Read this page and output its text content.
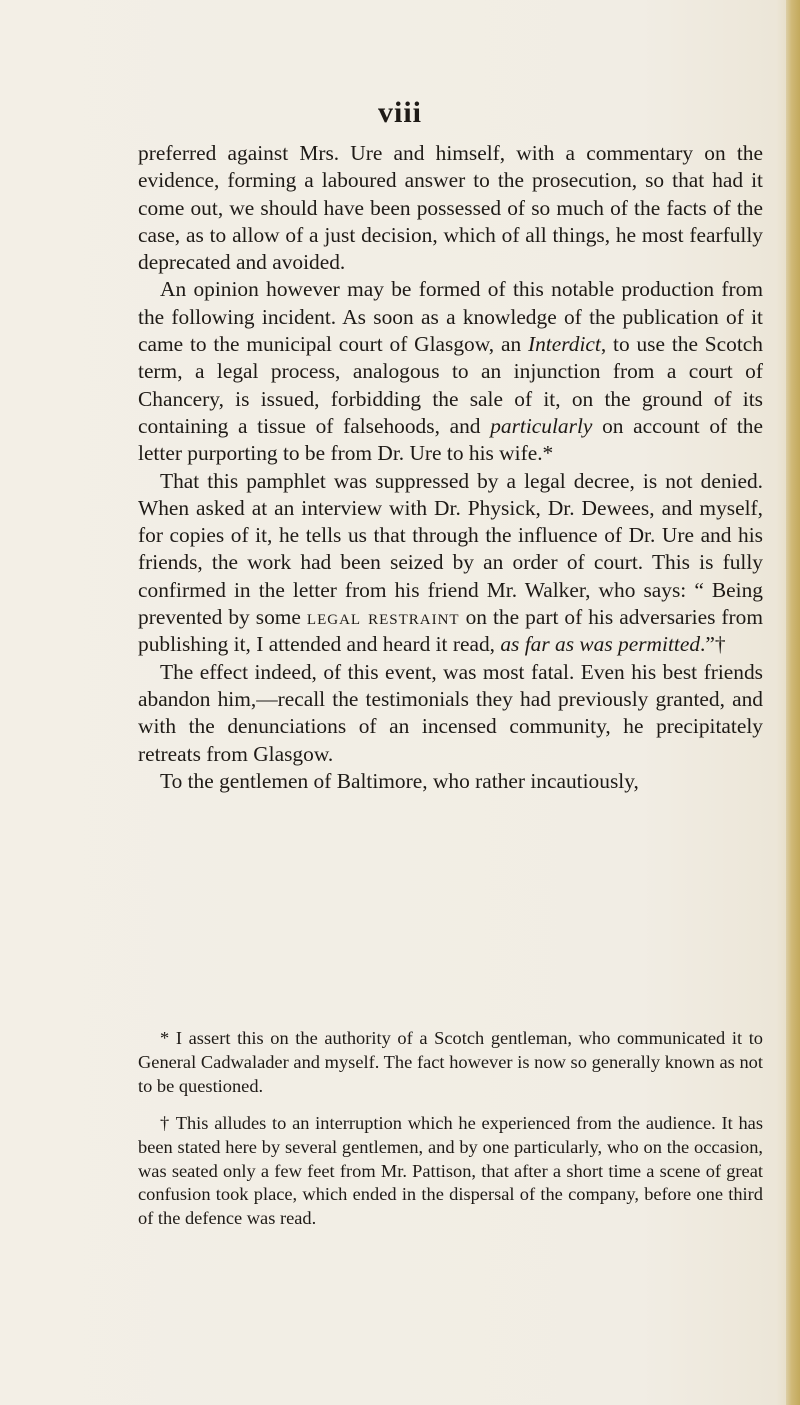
viii

preferred against Mrs. Ure and himself, with a commentary on the evidence, forming a laboured answer to the prosecution, so that had it come out, we should have been possessed of so much of the facts of the case, as to allow of a just decision, which of all things, he most fearfully deprecated and avoided.

An opinion however may be formed of this notable production from the following incident. As soon as a knowledge of the publication of it came to the municipal court of Glasgow, an Interdict, to use the Scotch term, a legal process, analogous to an injunction from a court of Chancery, is issued, forbidding the sale of it, on the ground of its containing a tissue of falsehoods, and particularly on account of the letter purporting to be from Dr. Ure to his wife.*

That this pamphlet was suppressed by a legal decree, is not denied. When asked at an interview with Dr. Physick, Dr. Dewees, and myself, for copies of it, he tells us that through the influence of Dr. Ure and his friends, the work had been seized by an order of court. This is fully confirmed in the letter from his friend Mr. Walker, who says: “ Being prevented by some legal restraint on the part of his adversaries from publishing it, I attended and heard it read, as far as was permitted.”†

The effect indeed, of this event, was most fatal. Even his best friends abandon him,—recall the testimonials they had previously granted, and with the denunciations of an incensed community, he precipitately retreats from Glasgow.

To the gentlemen of Baltimore, who rather incautiously,

* I assert this on the authority of a Scotch gentleman, who communicated it to General Cadwalader and myself. The fact however is now so generally known as not to be questioned.

† This alludes to an interruption which he experienced from the audience. It has been stated here by several gentlemen, and by one particularly, who on the occasion, was seated only a few feet from Mr. Pattison, that after a short time a scene of great confusion took place, which ended in the dispersal of the company, before one third of the defence was read.
